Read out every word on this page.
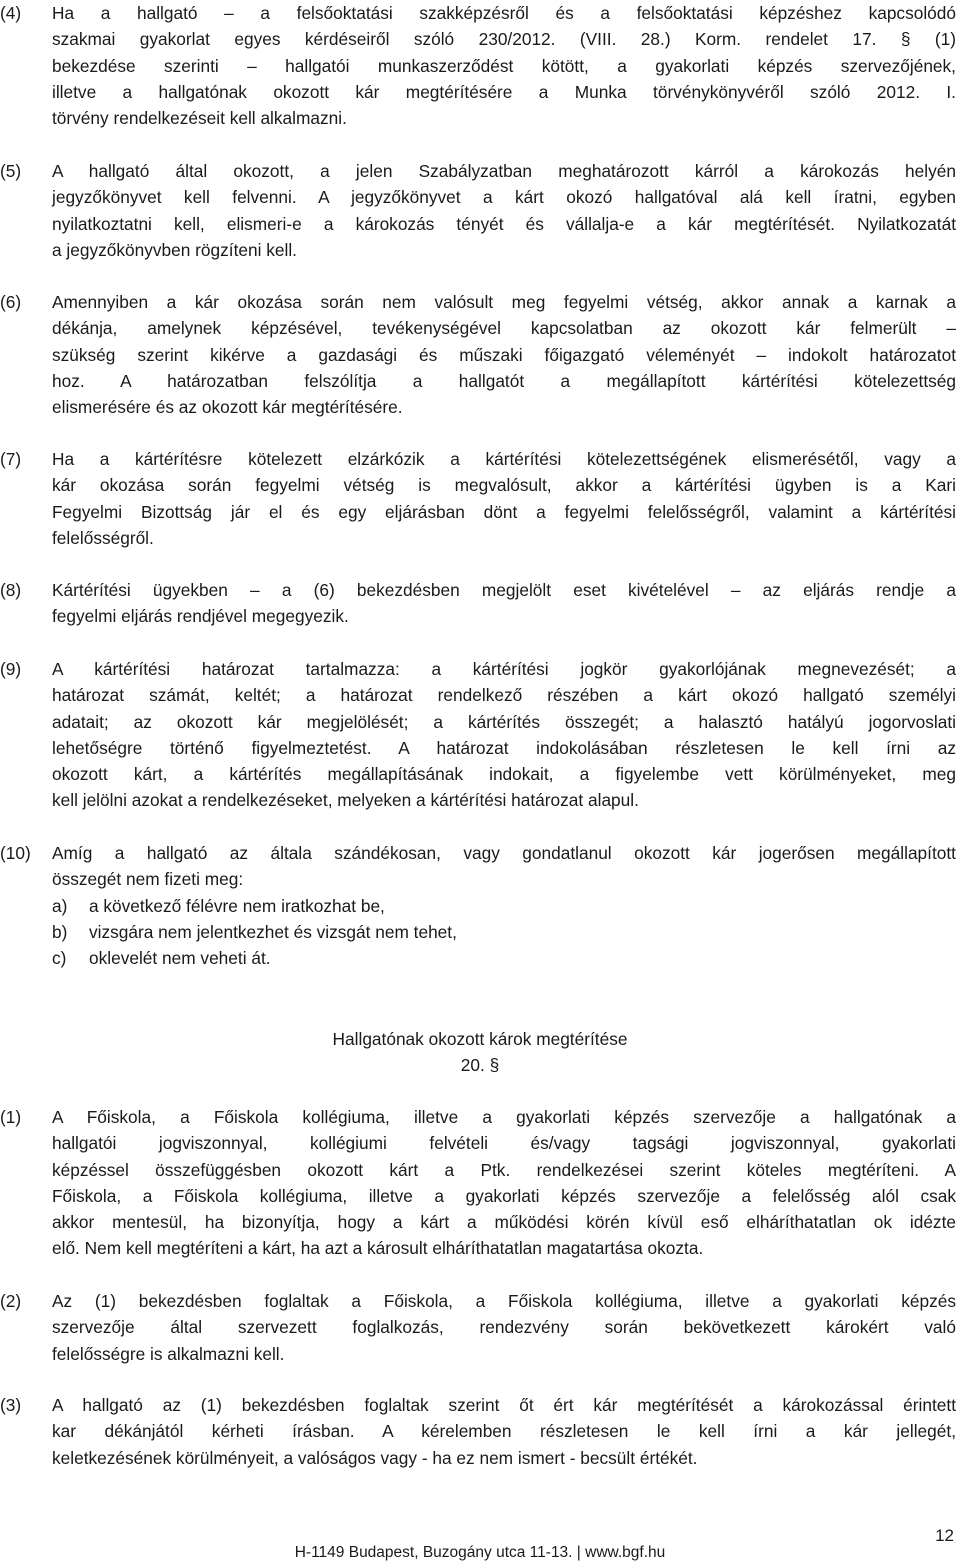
(4)	Ha a hallgató – a felsőoktatási szakképzésről és a felsőoktatási képzéshez kapcsolódó
szakmai gyakorlat egyes kérdéseiről szóló 230/2012. (VIII. 28.) Korm. rendelet 17. § (1)
bekezdése szerinti – hallgatói munkaszerződést kötött, a gyakorlati képzés szervezőjének,
illetve a hallgatónak okozott kár megtérítésére a Munka törvénykönyvéről szóló 2012. I.
törvény rendelkezéseit kell alkalmazni.
(5)	A hallgató által okozott, a jelen Szabályzatban meghatározott kárról a károkozás helyén
jegyzőkönyvet kell felvenni. A jegyzőkönyvet a kárt okozó hallgatóval alá kell íratni, egyben
nyilatkoztatni kell, elismeri-e a károkozás tényét és vállalja-e a kár megtérítését. Nyilatkozatát
a jegyzőkönyvben rögzíteni kell.
(6)	Amennyiben a kár okozása során nem valósult meg fegyelmi vétség, akkor annak a karnak a
dékánja, amelynek képzésével, tevékenységével kapcsolatban az okozott kár felmerült –
szükség szerint kikérve a gazdasági és műszaki főigazgató véleményét – indokolt határozatot
hoz. A határozatban felszólítja a hallgatót a megállapított kártérítési kötelezettség
elismerésére és az okozott kár megtérítésére.
(7)	Ha a kártérítésre kötelezett elzárkózik a kártérítési kötelezettségének elismerésétől, vagy a
kár okozása során fegyelmi vétség is megvalósult, akkor a kártérítési ügyben is a Kari
Fegyelmi Bizottság jár el és egy eljárásban dönt a fegyelmi felelősségről, valamint a kártérítési
felelősségről.
(8)	Kártérítési ügyekben – a (6) bekezdésben megjelölt eset kivételével – az eljárás rendje a
fegyelmi eljárás rendjével megegyezik.
(9)	A kártérítési határozat tartalmazza: a kártérítési jogkör gyakorlójának megnevezését; a
határozat számát, keltét; a határozat rendelkező részében a kárt okozó hallgató személyi
adatait; az okozott kár megjelölését; a kártérítés összegét; a halasztó hatályú jogorvoslati
lehetőségre történő figyelmeztetést. A határozat indokolásában részletesen le kell írni az
okozott kárt, a kártérítés megállapításának indokait, a figyelembe vett körülményeket, meg
kell jelölni azokat a rendelkezéseket, melyeken a kártérítési határozat alapul.
(10)	Amíg a hallgató az általa szándékosan, vagy gondatlanul okozott kár jogerősen megállapított
összegét nem fizeti meg:
a)	a következő félévre nem iratkozhat be,
b)	vizsgára nem jelentkezhet és vizsgát nem tehet,
c)	oklevelét nem veheti át.
Hallgatónak okozott károk megtérítése
20. §
(1)	A Főiskola, a Főiskola kollégiuma, illetve a gyakorlati képzés szervezője a hallgatónak a
hallgatói jogviszonnyal, kollégiumi felvételi és/vagy tagsági jogviszonnyal, gyakorlati
képzéssel összefüggésben okozott kárt a Ptk. rendelkezései szerint köteles megtéríteni. A
Főiskola, a Főiskola kollégiuma, illetve a gyakorlati képzés szervezője a felelősség alól csak
akkor mentesül, ha bizonyítja, hogy a kárt a működési körén kívül eső elháríthatatlan ok idézte
elő. Nem kell megtéríteni a kárt, ha azt a károsult elháríthatatlan magatartása okozta.
(2)	Az (1) bekezdésben foglaltak a Főiskola, a Főiskola kollégiuma, illetve a gyakorlati képzés
szervezője által szervezett foglalkozás, rendezvény során bekövetkezett károkért való
felelősségre is alkalmazni kell.
(3)	A hallgató az (1) bekezdésben foglaltak szerint őt ért kár megtérítését a károkozással érintett
kar dékánjától kérheti írásban. A kérelemben részletesen le kell írni a kár jellegét,
keletkezésének körülményeit, a valóságos vagy - ha ez nem ismert - becsült értékét.
12
H-1149 Budapest, Buzogány utca 11-13. | www.bgf.hu
